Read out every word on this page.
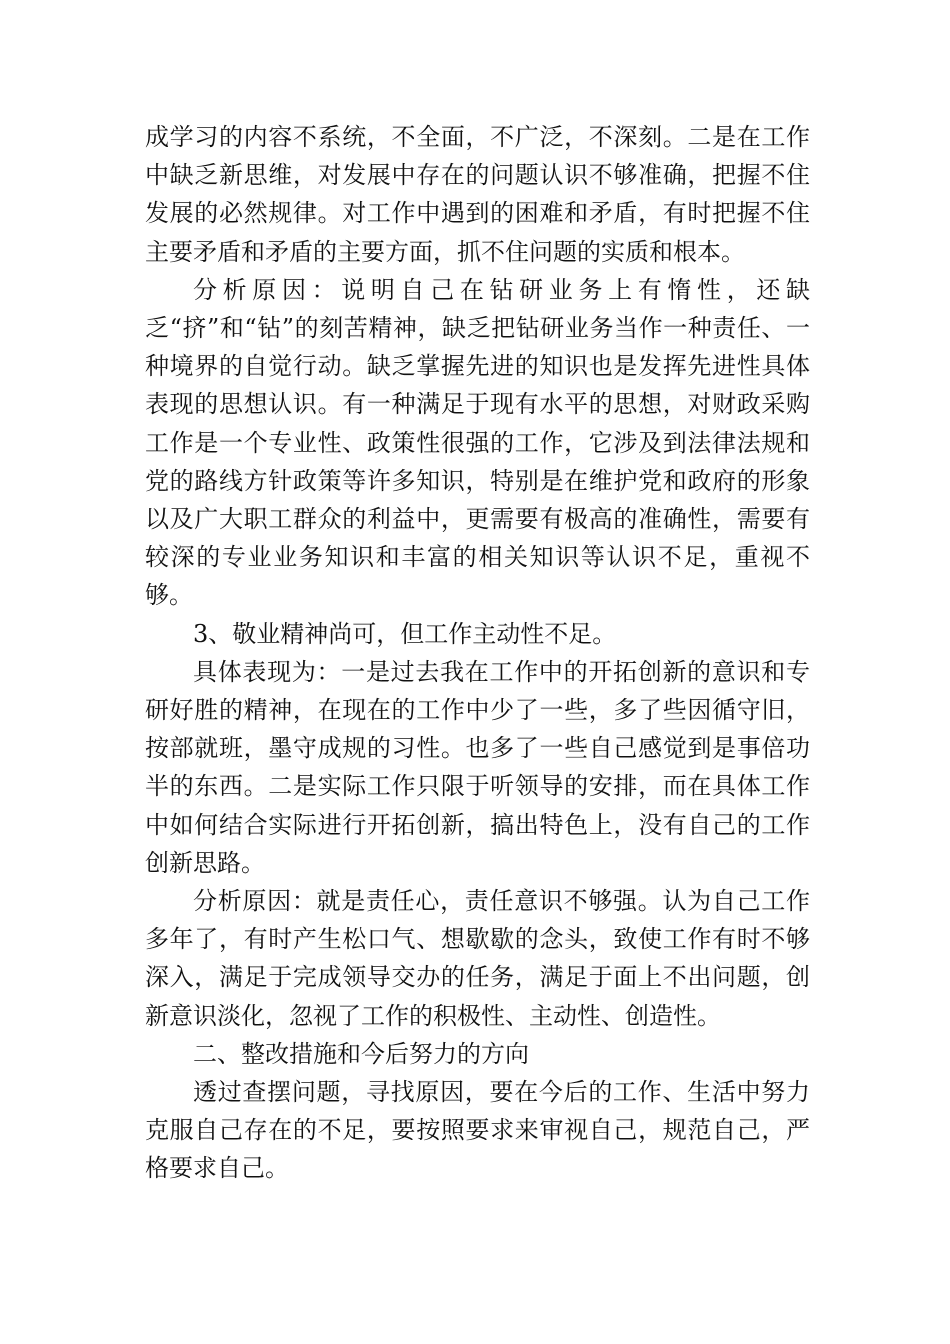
成学习的内容不系统，不全面，不广泛，不深刻。二是在工作中缺乏新思维，对发展中存在的问题认识不够准确，把握不住发展的必然规律。对工作中遇到的困难和矛盾，有时把握不住主要矛盾和矛盾的主要方面，抓不住问题的实质和根本。

分析原因：说明自己在钻研业务上有惰性，还缺乏“挤”和“钻”的刻苦精神，缺乏把钻研业务当作一种责任、一种境界的自觉行动。缺乏掌握先进的知识也是发挥先进性具体表现的思想认识。有一种满足于现有水平的思想，对财政采购工作是一个专业性、政策性很强的工作，它涉及到法律法规和党的路线方针政策等许多知识，特别是在维护党和政府的形象以及广大职工群众的利益中，更需要有极高的准确性，需要有较深的专业业务知识和丰富的相关知识等认识不足，重视不够。

3、敬业精神尚可，但工作主动性不足。

具体表现为：一是过去我在工作中的开拓创新的意识和专研好胜的精神，在现在的工作中少了一些，多了些因循守旧，按部就班，墨守成规的习性。也多了一些自己感觉到是事倍功半的东西。二是实际工作只限于听领导的安排，而在具体工作中如何结合实际进行开拓创新，搞出特色上，没有自己的工作创新思路。

分析原因：就是责任心，责任意识不够强。认为自己工作多年了，有时产生松口气、想歇歇的念头，致使工作有时不够深入，满足于完成领导交办的任务，满足于面上不出问题，创新意识淡化，忽视了工作的积极性、主动性、创造性。

二、整改措施和今后努力的方向

透过查摆问题，寻找原因，要在今后的工作、生活中努力克服自己存在的不足，要按照要求来审视自己，规范自己，严格要求自己。
